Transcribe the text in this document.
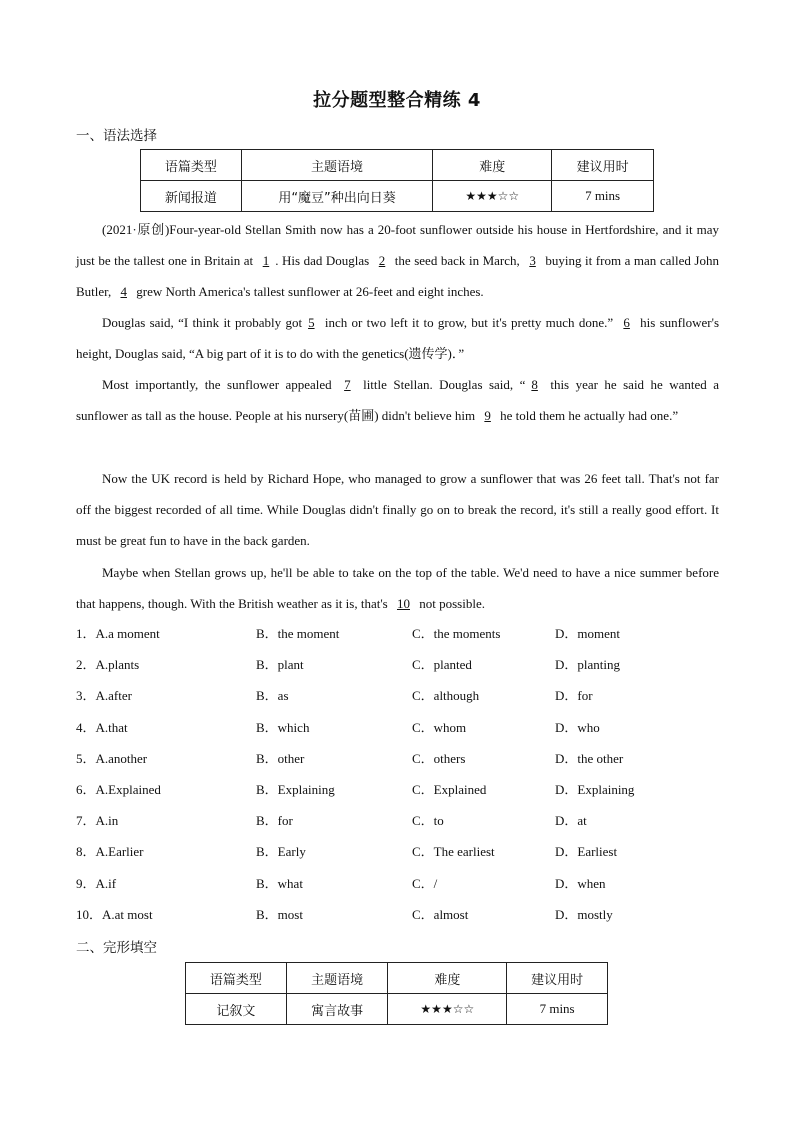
拉分题型整合精练 4
一、语法选择
语篇类型	主题语境	难度	建议用时
新闻报道	用“魔豆”种出向日葵	★★★☆☆	7 mins
(2021·原创)Four-year-old Stellan Smith now has a 20-foot sunflower outside his house in Hertfordshire, and it may just be the tallest one in Britain at 1 . His dad Douglas 2 the seed back in March, 3 buying it from a man called John Butler, 4 grew North America's tallest sunflower at 26-feet and eight inches.
Douglas said, “I think it probably got 5 inch or two left it to grow, but it's pretty much done.” 6 his sunflower's height, Douglas said, “A big part of it is to do with the genetics(遗传学)．”
Most importantly, the sunflower appealed 7 little Stellan. Douglas said, “ 8 this year he said he wanted a sunflower as tall as the house. People at his nursery(苗圃) didn't believe him 9 he told them he actually had one.”
Now the UK record is held by Richard Hope, who managed to grow a sunflower that was 26 feet tall. That's not far off the biggest recorded of all time. While Douglas didn't finally go on to break the record, it's still a really good effort. It must be great fun to have in the back garden.
Maybe when Stellan grows up, he'll be able to take on the top of the table. We'd need to have a nice summer before that happens, though. With the British weather as it is, that's 10 not possible.
1．A.a moment	B．the moment	C．the moments	D．moment
2．A.plants	B．plant	C．planted	D．planting
3．A.after	B．as	C．although	D．for
4．A.that	B．which	C．whom	D．who
5．A.another	B．other	C．others	D．the other
6．A.Explained	B．Explaining	C．Explained	D．Explaining
7．A.in	B．for	C．to	D．at
8．A.Earlier	B．Early	C．The earliest	D．Earliest
9．A.if	B．what	C．/	D．when
10．A.at most	B．most	C．almost	D．mostly
二、完形填空
语篇类型	主题语境	难度	建议用时
记叙文	寓言故事	★★★☆☆	7 mins
